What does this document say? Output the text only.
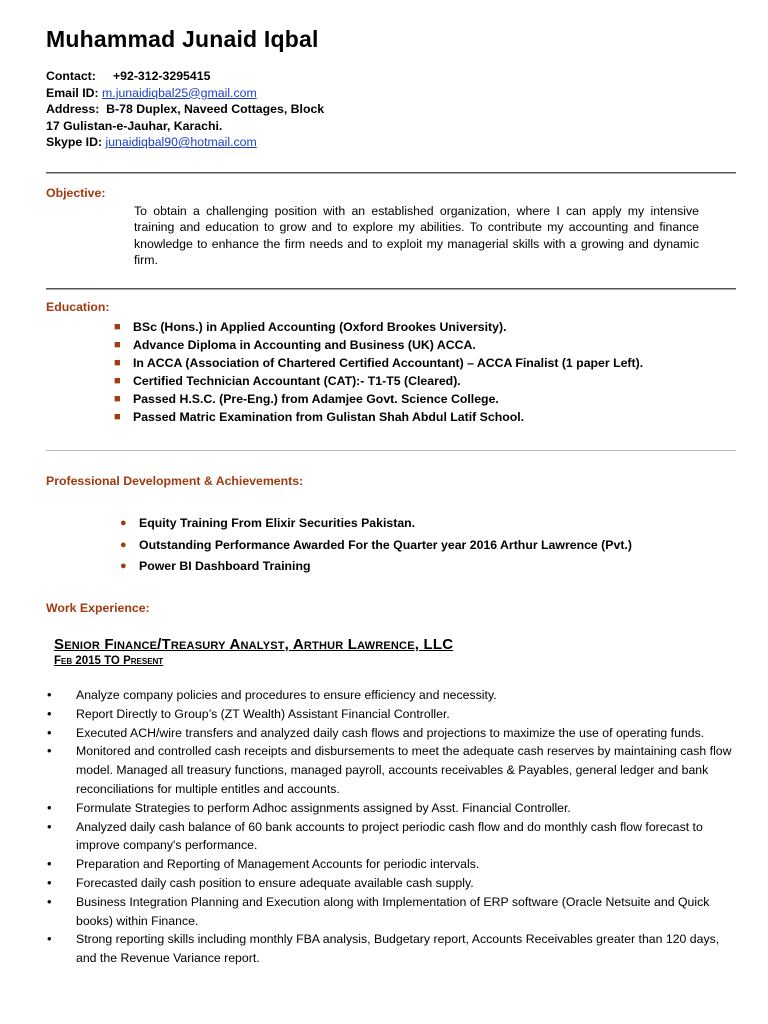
Muhammad Junaid Iqbal
Contact: +92-312-3295415
Email ID: m.junaidiqbal25@gmail.com
Address: B-78 Duplex, Naveed Cottages, Block
17 Gulistan-e-Jauhar, Karachi.
Skype ID: junaidiqbal90@hotmail.com
Objective:
To obtain a challenging position with an established organization, where I can apply my intensive training and education to grow and to explore my abilities. To contribute my accounting and finance knowledge to enhance the firm needs and to exploit my managerial skills with a growing and dynamic firm.
Education:
■ BSc (Hons.) in Applied Accounting (Oxford Brookes University).
■ Advance Diploma in Accounting and Business (UK) ACCA.
■ In ACCA (Association of Chartered Certified Accountant) – ACCA Finalist (1 paper Left).
■ Certified Technician Accountant (CAT):- T1-T5 (Cleared).
■ Passed H.S.C. (Pre-Eng.) from Adamjee Govt. Science College.
■ Passed Matric Examination from Gulistan Shah Abdul Latif School.
Professional Development & Achievements:
● Equity Training From Elixir Securities Pakistan.
● Outstanding Performance Awarded For the Quarter year 2016 Arthur Lawrence (Pvt.)
● Power BI Dashboard Training
Work Experience:
Senior Finance/Treasury Analyst, Arthur Lawrence, LLC
Feb 2015 TO Present
• Analyze company policies and procedures to ensure efficiency and necessity.
• Report Directly to Group’s (ZT Wealth) Assistant Financial Controller.
• Executed ACH/wire transfers and analyzed daily cash flows and projections to maximize the use of operating funds.
• Monitored and controlled cash receipts and disbursements to meet the adequate cash reserves by maintaining cash flow model. Managed all treasury functions, managed payroll, accounts receivables & Payables, general ledger and bank reconciliations for multiple entitles and accounts.
• Formulate Strategies to perform Adhoc assignments assigned by Asst. Financial Controller.
• Analyzed daily cash balance of 60 bank accounts to project periodic cash flow and do monthly cash flow forecast to improve company's performance.
• Preparation and Reporting of Management Accounts for periodic intervals.
• Forecasted daily cash position to ensure adequate available cash supply.
• Business Integration Planning and Execution along with Implementation of ERP software (Oracle Netsuite and Quick books) within Finance.
• Strong reporting skills including monthly FBA analysis, Budgetary report, Accounts Receivables greater than 120 days, and the Revenue Variance report.
